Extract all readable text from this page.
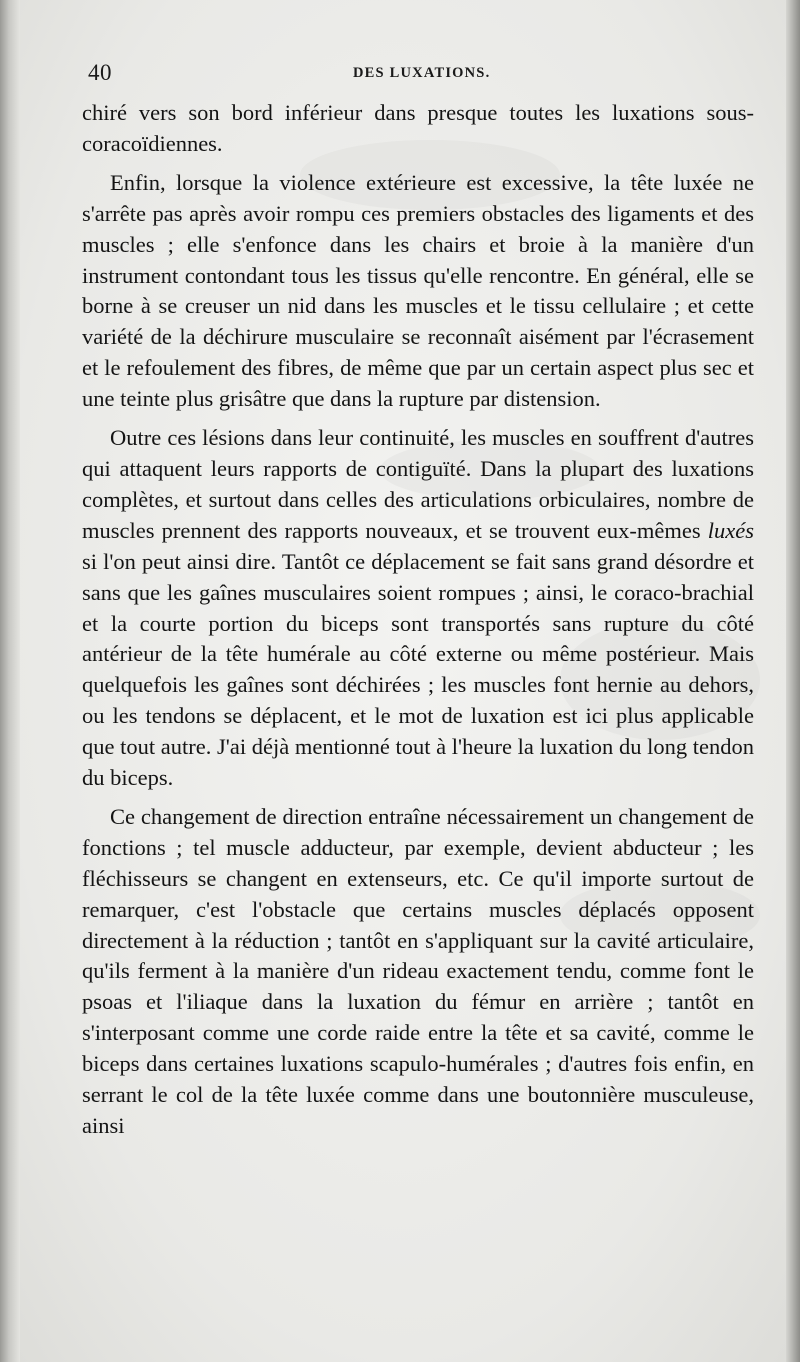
40	DES LUXATIONS.

chiré vers son bord inférieur dans presque toutes les luxations sous-coracoïdiennes.

Enfin, lorsque la violence extérieure est excessive, la tête luxée ne s'arrête pas après avoir rompu ces premiers obstacles des ligaments et des muscles ; elle s'enfonce dans les chairs et broie à la manière d'un instrument contondant tous les tissus qu'elle rencontre. En général, elle se borne à se creuser un nid dans les muscles et le tissu cellulaire ; et cette variété de la déchirure musculaire se reconnaît aisément par l'écrasement et le refoulement des fibres, de même que par un certain aspect plus sec et une teinte plus grisâtre que dans la rupture par distension.

Outre ces lésions dans leur continuité, les muscles en souffrent d'autres qui attaquent leurs rapports de contiguïté. Dans la plupart des luxations complètes, et surtout dans celles des articulations orbiculaires, nombre de muscles prennent des rapports nouveaux, et se trouvent eux-mêmes luxés si l'on peut ainsi dire. Tantôt ce déplacement se fait sans grand désordre et sans que les gaînes musculaires soient rompues ; ainsi, le coraco-brachial et la courte portion du biceps sont transportés sans rupture du côté antérieur de la tête humérale au côté externe ou même postérieur. Mais quelquefois les gaînes sont déchirées ; les muscles font hernie au dehors, ou les tendons se déplacent, et le mot de luxation est ici plus applicable que tout autre. J'ai déjà mentionné tout à l'heure la luxation du long tendon du biceps.

Ce changement de direction entraîne nécessairement un changement de fonctions ; tel muscle adducteur, par exemple, devient abducteur ; les fléchisseurs se changent en extenseurs, etc. Ce qu'il importe surtout de remarquer, c'est l'obstacle que certains muscles déplacés opposent directement à la réduction ; tantôt en s'appliquant sur la cavité articulaire, qu'ils ferment à la manière d'un rideau exactement tendu, comme font le psoas et l'iliaque dans la luxation du fémur en arrière ; tantôt en s'interposant comme une corde raide entre la tête et sa cavité, comme le biceps dans certaines luxations scapulo-humérales ; d'autres fois enfin, en serrant le col de la tête luxée comme dans une boutonnière musculeuse, ainsi
